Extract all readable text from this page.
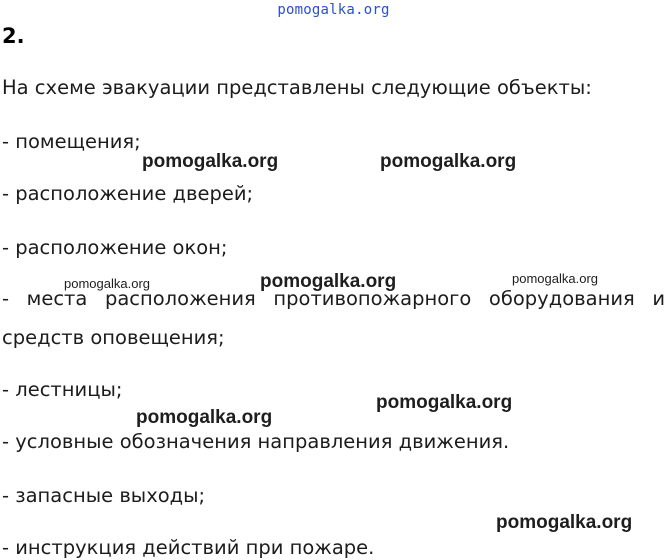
pomogalka.org
2.
На схеме эвакуации представлены следующие объекты:
- помещения;
- расположение дверей;
- расположение окон;
- места расположения противопожарного оборудования и
средств оповещения;
- лестницы;
- условные обозначения направления движения.
- запасные выходы;
- инструкция действий при пожаре.
pomogalka.org	pomogalka.org
pomogalka.org	pomogalka.org	pomogalka.org
pomogalka.org
pomogalka.org
pomogalka.org
